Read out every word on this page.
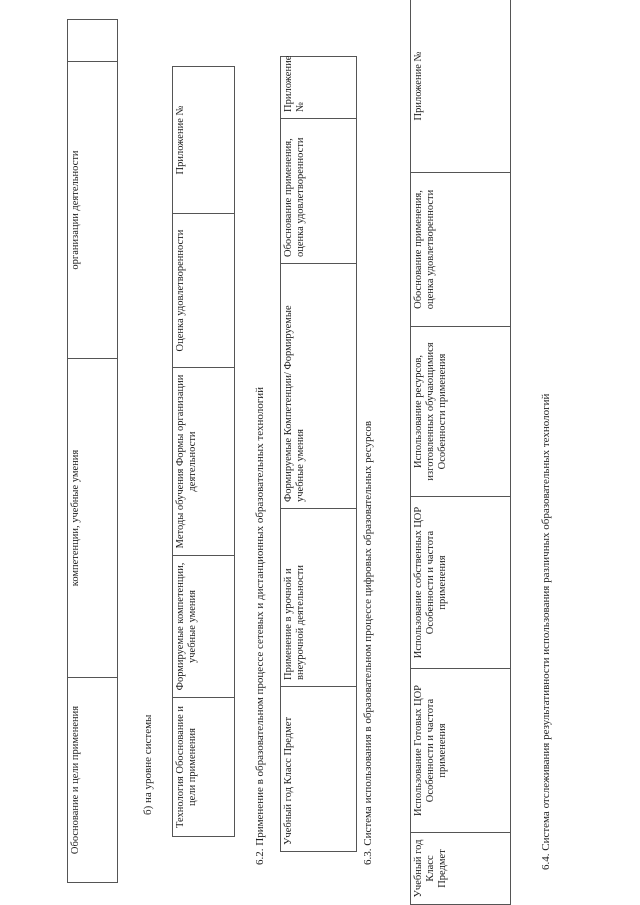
Обоснование и цели применения	компетенции, учебные умения	организации деятельности	
б) на уровне системы Технология Обоснование и цели применения	Формируемые компетенции, учебные умения	Методы обучения Формы организации деятельности	Оценка удовлетворенности	Приложение №
6.2. Применение в образовательном процессе сетевых и дистанционных образовательных технологий Учебный год Класс Предмет	Применение в урочной и внеурочной деятельности	Формируемые Компетенции/ Формируемые учебные умения	Обоснование применения, оценка удовлетворенности	Приложение №
6.3. Система использования в образовательном процессе цифровых образовательных ресурсов
Учебный год Класс Предмет	Использование Готовых ЦОР Особенности и частота применения	Использование собственных ЦОР Особенности и частота применения	Использование ресурсов, изготовленных обучающимися Особенности применения	Обоснование применения, оценка удовлетворенности	Приложение №
6.4. Система отслеживания результативности использования различных образовательных технологий
